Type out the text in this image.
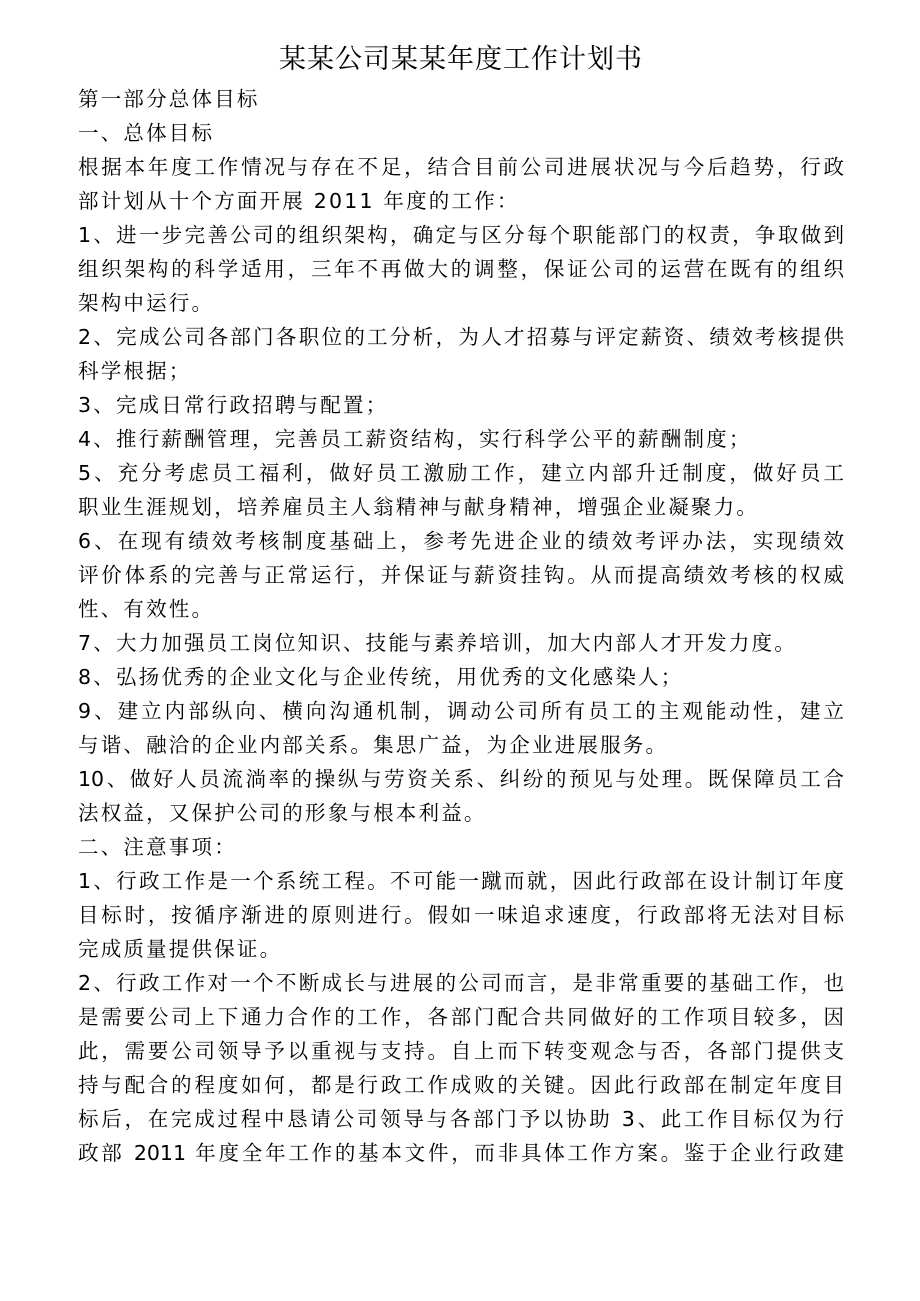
某某公司某某年度工作计划书
第一部分总体目标
一、总体目标
根据本年度工作情况与存在不足，结合目前公司进展状况与今后趋势，行政
部计划从十个方面开展 2011 年度的工作：
1、进一步完善公司的组织架构，确定与区分每个职能部门的权责，争取做到
组织架构的科学适用，三年不再做大的调整，保证公司的运营在既有的组织
架构中运行。
2、完成公司各部门各职位的工分析，为人才招募与评定薪资、绩效考核提供
科学根据；
3、完成日常行政招聘与配置；
4、推行薪酬管理，完善员工薪资结构，实行科学公平的薪酬制度；
5、充分考虑员工福利，做好员工激励工作，建立内部升迁制度，做好员工
职业生涯规划，培养雇员主人翁精神与献身精神，增强企业凝聚力。
6、在现有绩效考核制度基础上，参考先进企业的绩效考评办法，实现绩效
评价体系的完善与正常运行，并保证与薪资挂钩。从而提高绩效考核的权威
性、有效性。
7、大力加强员工岗位知识、技能与素养培训，加大内部人才开发力度。
8、弘扬优秀的企业文化与企业传统，用优秀的文化感染人；
9、建立内部纵向、横向沟通机制，调动公司所有员工的主观能动性，建立
与谐、融洽的企业内部关系。集思广益，为企业进展服务。
10、做好人员流淌率的操纵与劳资关系、纠纷的预见与处理。既保障员工合
法权益，又保护公司的形象与根本利益。
二、注意事项：
1、行政工作是一个系统工程。不可能一蹴而就，因此行政部在设计制订年度
目标时，按循序渐进的原则进行。假如一味追求速度，行政部将无法对目标
完成质量提供保证。
2、行政工作对一个不断成长与进展的公司而言，是非常重要的基础工作，也
是需要公司上下通力合作的工作，各部门配合共同做好的工作项目较多，因
此，需要公司领导予以重视与支持。自上而下转变观念与否，各部门提供支
持与配合的程度如何，都是行政工作成败的关键。因此行政部在制定年度目
标后，在完成过程中恳请公司领导与各部门予以协助 3、此工作目标仅为行
政部 2011 年度全年工作的基本文件，而非具体工作方案。鉴于企业行政建
